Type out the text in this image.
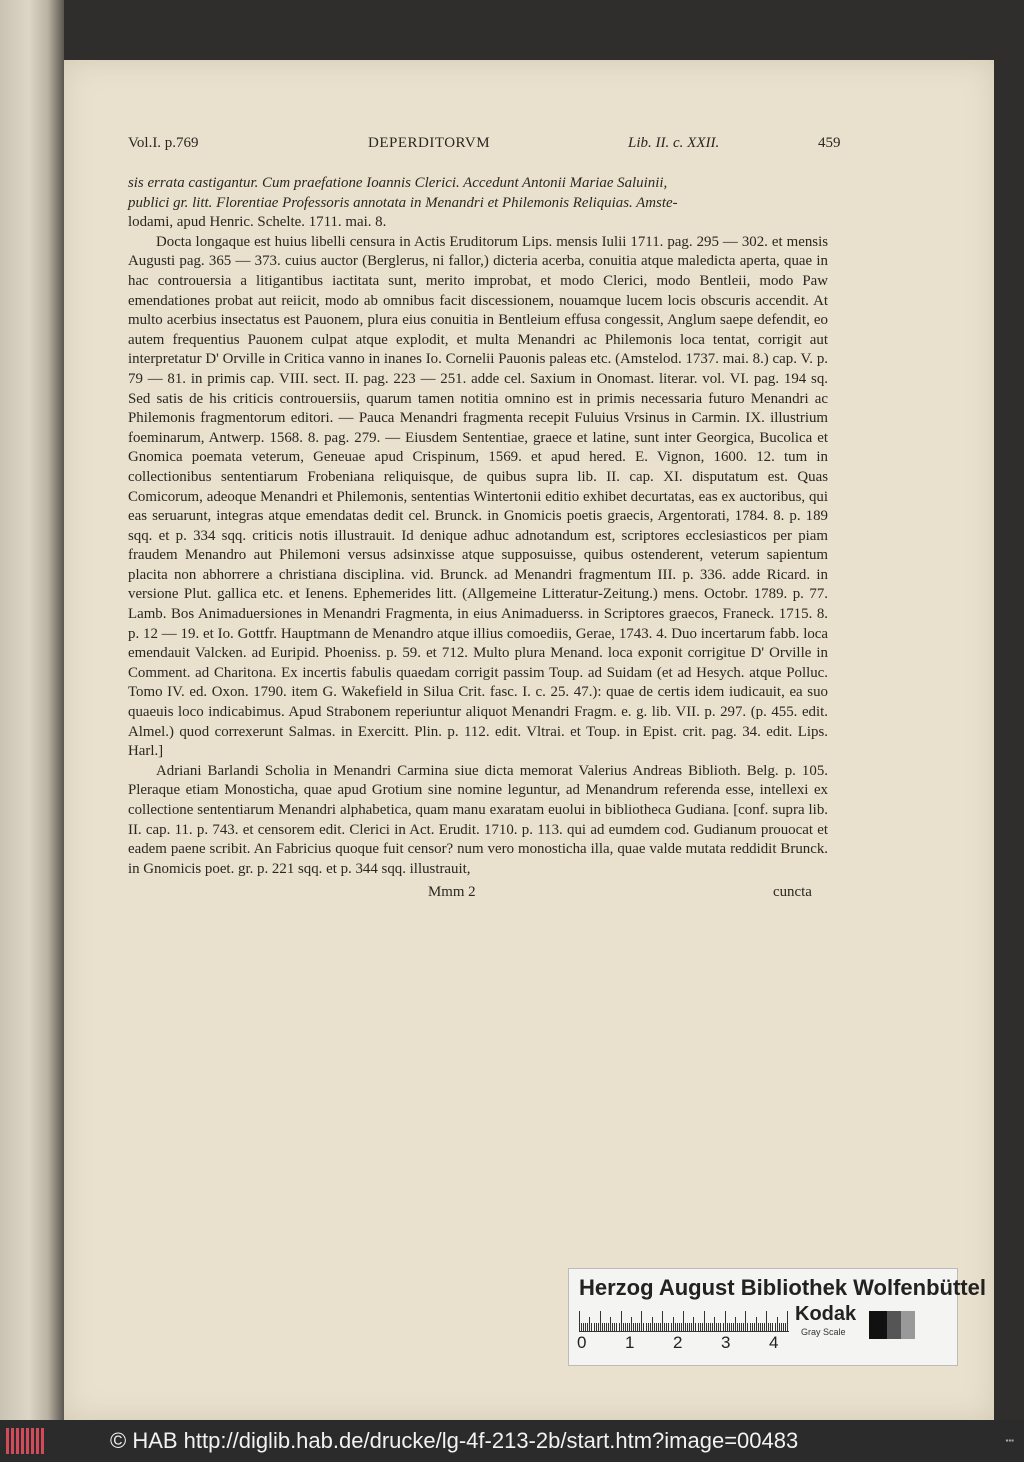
Vol.I. p.769	DEPERDITORVM	Lib. II. c. XXII.	459

sis errata castigantur. Cum praefatione Ioannis Clerici. Accedunt Antonii Mariae Saluinii,

publici gr. litt. Florentiae Professoris annotata in Menandri et Philemonis Reliquias. Amste-

lodami, apud Henric. Schelte. 1711. mai. 8.

Docta longaque est huius libelli censura in Actis Eruditorum Lips. mensis Iulii 1711. pag. 295 — 302. et mensis Augusti pag. 365 — 373. cuius auctor (Berglerus, ni fallor,) dicteria acerba, conuitia atque maledicta aperta, quae in hac controuersia a litigantibus iactitata sunt, merito improbat, et modo Clerici, modo Bentleii, modo Paw emendationes probat aut reiicit, modo ab omnibus facit discessionem, nouamque lucem locis obscuris accendit. At multo acerbius insectatus est Pauonem, plura eius conuitia in Bentleium effusa congessit, Anglum saepe defendit, eo autem frequentius Pauonem culpat atque explodit, et multa Menandri ac Philemonis loca tentat, corrigit aut interpretatur D' Orville in Critica vanno in inanes Io. Cornelii Pauonis paleas etc. (Amstelod. 1737. mai. 8.) cap. V. p. 79 — 81. in primis cap. VIII. sect. II. pag. 223 — 251. adde cel. Saxium in Onomast. literar. vol. VI. pag. 194 sq. Sed satis de his criticis controuersiis, quarum tamen notitia omnino est in primis necessaria futuro Menandri ac Philemonis fragmentorum editori. — Pauca Menandri fragmenta recepit Fuluius Vrsinus in Carmin. IX. illustrium foeminarum, Antwerp. 1568. 8. pag. 279. — Eiusdem Sententiae, graece et latine, sunt inter Georgica, Bucolica et Gnomica poemata veterum, Geneuae apud Crispinum, 1569. et apud hered. E. Vignon, 1600. 12. tum in collectionibus sententiarum Frobeniana reliquisque, de quibus supra lib. II. cap. XI. disputatum est. Quas Comicorum, adeoque Menandri et Philemonis, sententias Wintertonii editio exhibet decurtatas, eas ex auctoribus, qui eas seruarunt, integras atque emendatas dedit cel. Brunck. in Gnomicis poetis graecis, Argentorati, 1784. 8. p. 189 sqq. et p. 334 sqq. criticis notis illustrauit. Id denique adhuc adnotandum est, scriptores ecclesiasticos per piam fraudem Menandro aut Philemoni versus adsinxisse atque supposuisse, quibus ostenderent, veterum sapientum placita non abhorrere a christiana disciplina. vid. Brunck. ad Menandri fragmentum III. p. 336. adde Ricard. in versione Plut. gallica etc. et Ienens. Ephemerides litt. (Allgemeine Litteratur-Zeitung.) mens. Octobr. 1789. p. 77. Lamb. Bos Animaduersiones in Menandri Fragmenta, in eius Animaduerss. in Scriptores graecos, Franeck. 1715. 8. p. 12 — 19. et Io. Gottfr. Hauptmann de Menandro atque illius comoediis, Gerae, 1743. 4. Duo incertarum fabb. loca emendauit Valcken. ad Euripid. Phoeniss. p. 59. et 712. Multo plura Menand. loca exponit corrigitue D' Orville in Comment. ad Charitona. Ex incertis fabulis quaedam corrigit passim Toup. ad Suidam (et ad Hesych. atque Polluc. Tomo IV. ed. Oxon. 1790. item G. Wakefield in Silua Crit. fasc. I. c. 25. 47.): quae de certis idem iudicauit, ea suo quaeuis loco indicabimus. Apud Strabonem reperiuntur aliquot Menandri Fragm. e. g. lib. VII. p. 297. (p. 455. edit. Almel.) quod correxerunt Salmas. in Exercitt. Plin. p. 112. edit. Vltrai. et Toup. in Epist. crit. pag. 34. edit. Lips. Harl.]

Adriani Barlandi Scholia in Menandri Carmina siue dicta memorat Valerius Andreas Biblioth. Belg. p. 105. Pleraque etiam Monosticha, quae apud Grotium sine nomine leguntur, ad Menandrum referenda esse, intellexi ex collectione sententiarum Menandri alphabetica, quam manu exaratam euolui in bibliotheca Gudiana. [conf. supra lib. II. cap. 11. p. 743. et censorem edit. Clerici in Act. Erudit. 1710. p. 113. qui ad eumdem cod. Gudianum prouocat et eadem paene scribit. An Fabricius quoque fuit censor? num vero monosticha illa, quae valde mutata reddidit Brunck. in Gnomicis poet. gr. p. 221 sqq. et p. 344 sqq. illustrauit,

Mmm 2	cuncta
Herzog August Bibliothek Wolfenbüttel
0 1 2 3 4
Kodak
Gray Scale
© HAB http://diglib.hab.de/drucke/lg-4f-213-2b/start.htm?image=00483	▪▪▪
